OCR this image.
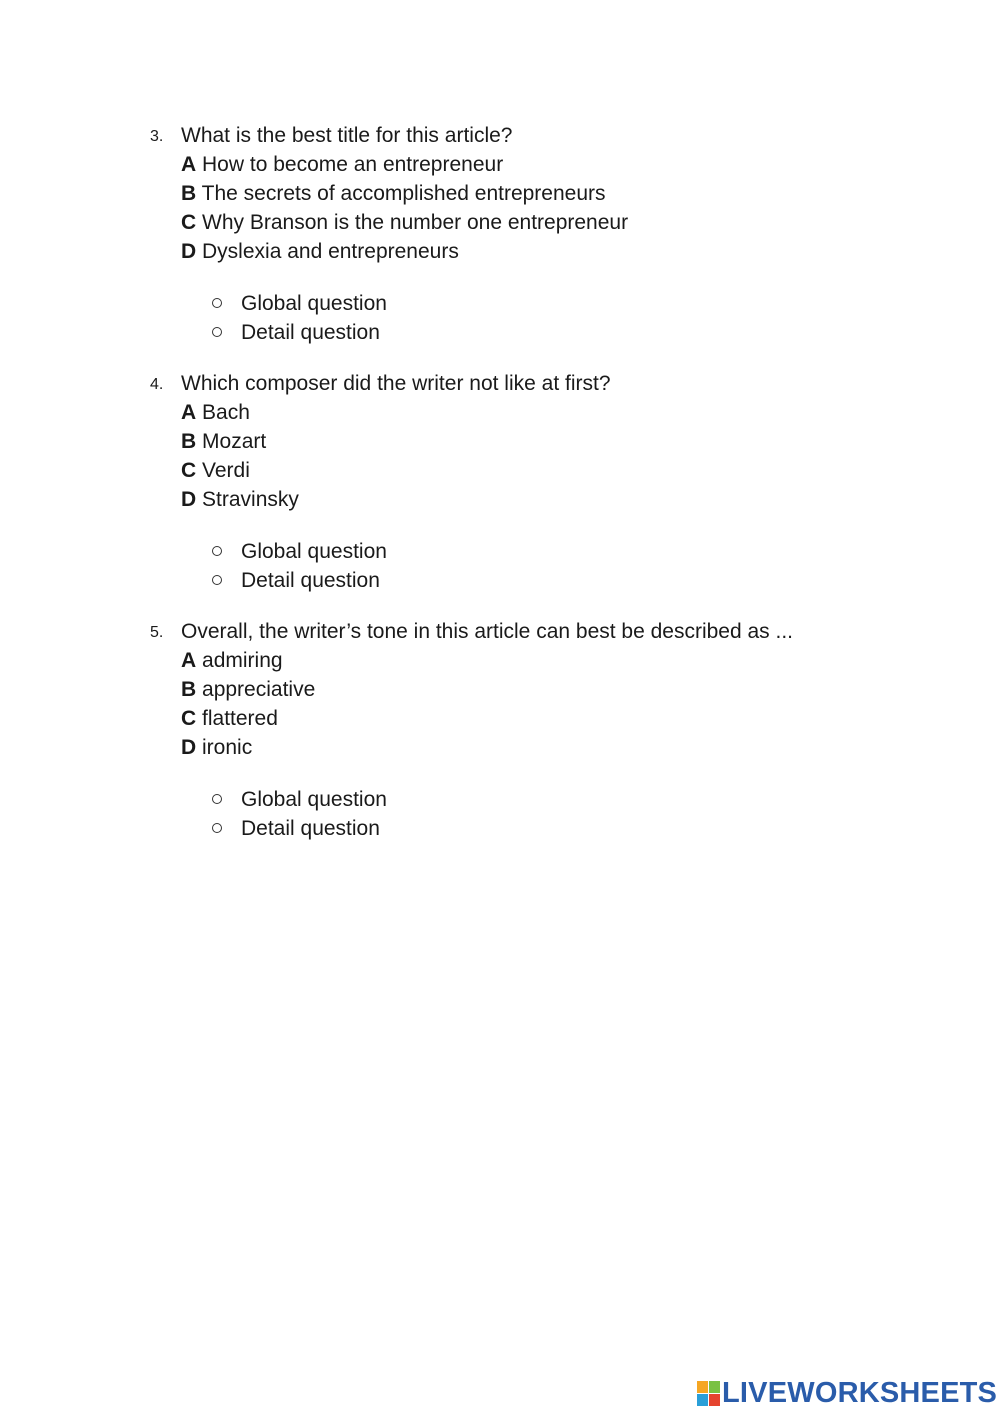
3. What is the best title for this article?
A How to become an entrepreneur
B The secrets of accomplished entrepreneurs
C Why Branson is the number one entrepreneur
D Dyslexia and entrepreneurs
Global question
Detail question
4. Which composer did the writer not like at first?
A Bach
B Mozart
C Verdi
D Stravinsky
Global question
Detail question
5. Overall, the writer’s tone in this article can best be described as ...
A admiring
B appreciative
C flattered
D ironic
Global question
Detail question
LIVEWORKSHEETS
